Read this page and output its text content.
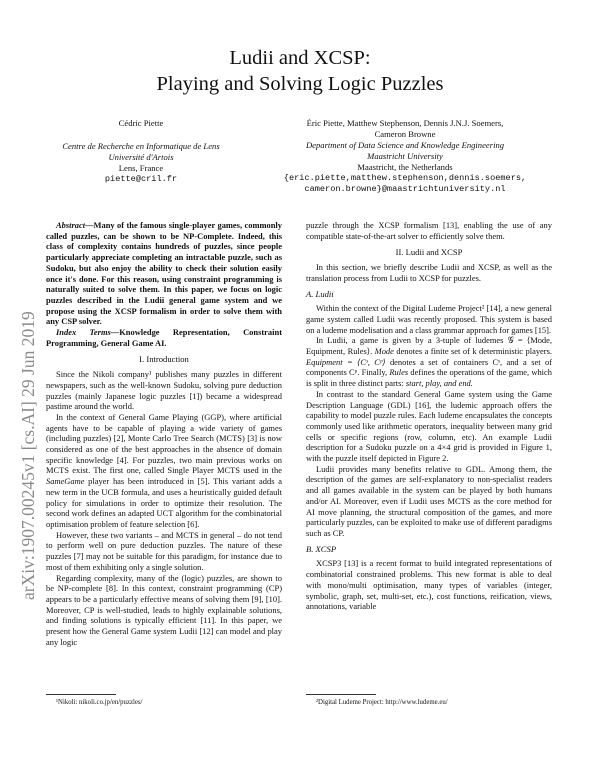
arXiv:1907.00245v1 [cs.AI] 29 Jun 2019
Ludii and XCSP:
Playing and Solving Logic Puzzles
Cédric Piette
Centre de Recherche en Informatique de Lens
Université d'Artois
Lens, France
piette@cril.fr
Éric Piette, Matthew Stephenson, Dennis J.N.J. Soemers,
Cameron Browne
Department of Data Science and Knowledge Engineering
Maastricht University
Maastricht, the Netherlands
{eric.piette,matthew.stephenson,dennis.soemers,
cameron.browne}@maastrichtuniversity.nl

Abstract—Many of the famous single-player games, commonly called puzzles, can be shown to be NP-Complete. Indeed, this class of complexity contains hundreds of puzzles, since people particularly appreciate completing an intractable puzzle, such as Sudoku, but also enjoy the ability to check their solution easily once it's done. For this reason, using constraint programming is naturally suited to solve them. In this paper, we focus on logic puzzles described in the Ludii general game system and we propose using the XCSP formalism in order to solve them with any CSP solver.

Index Terms—Knowledge Representation, Constraint Programming, General Game AI.

I. Introduction

Since the Nikoli company¹ publishes many puzzles in different newspapers, such as the well-known Sudoku, solving pure deduction puzzles (mainly Japanese logic puzzles [1]) became a widespread pastime around the world.

In the context of General Game Playing (GGP), where artificial agents have to be capable of playing a wide variety of games (including puzzles) [2], Monte Carlo Tree Search (MCTS) [3] is now considered as one of the best approaches in the absence of domain specific knowledge [4]. For puzzles, two main previous works on MCTS exist. The first one, called Single Player MCTS used in the SameGame player has been introduced in [5]. This variant adds a new term in the UCB formula, and uses a heuristically guided default policy for simulations in order to optimize their resolution. The second work defines an adapted UCT algorithm for the combinatorial optimisation problem of feature selection [6].

However, these two variants – and MCTS in general – do not tend to perform well on pure deduction puzzles. The nature of these puzzles [7] may not be suitable for this paradigm, for instance due to most of them exhibiting only a single solution.

Regarding complexity, many of the (logic) puzzles, are shown to be NP-complete [8]. In this context, constraint programming (CP) appears to be a particularly effective means of solving them [9], [10]. Moreover, CP is well-studied, leads to highly explainable solutions, and finding solutions is typically efficient [11]. In this paper, we present how the General Game system Ludii [12] can model and play any logic

¹Nikoli: nikoli.co.jp/en/puzzles/

puzzle through the XCSP formalism [13], enabling the use of any compatible state-of-the-art solver to efficiently solve them.

II. Ludii and XCSP

In this section, we briefly describe Ludii and XCSP, as well as the translation process from Ludii to XCSP for puzzles.

A. Ludii

Within the context of the Digital Ludeme Project² [14], a new general game system called Ludii was recently proposed. This system is based on a ludeme modelisation and a class grammar approach for games [15].

In Ludii, a game is given by a 3-tuple of ludemes 𝒢 = ⟨Mode, Equipment, Rules⟩. Mode denotes a finite set of k deterministic players. Equipment = ⟨Cˢ, Cᵖ⟩ denotes a set of containers Cˢ, and a set of components Cᵖ. Finally, Rules defines the operations of the game, which is split in three distinct parts: start, play, and end.

In contrast to the standard General Game system using the Game Description Language (GDL) [16], the ludemic approach offers the capability to model puzzle rules. Each ludeme encapsulates the concepts commonly used like arithmetic operators, inequality between many grid cells or specific regions (row, column, etc). An example Ludii description for a Sudoku puzzle on a 4×4 grid is provided in Figure 1, with the puzzle itself depicted in Figure 2.

Ludii provides many benefits relative to GDL. Among them, the description of the games are self-explanatory to non-specialist readers and all games available in the system can be played by both humans and/or AI. Moreover, even if Ludii uses MCTS as the core method for AI move planning, the structural composition of the games, and more particularly puzzles, can be exploited to make use of different paradigms such as CP.

B. XCSP

XCSP3 [13] is a recent format to build integrated representations of combinatorial constrained problems. This new format is able to deal with mono/multi optimisation, many types of variables (integer, symbolic, graph, set, multi-set, etc.), cost functions, reification, views, annotations, variable

²Digital Ludeme Project: http://www.ludeme.eu/
